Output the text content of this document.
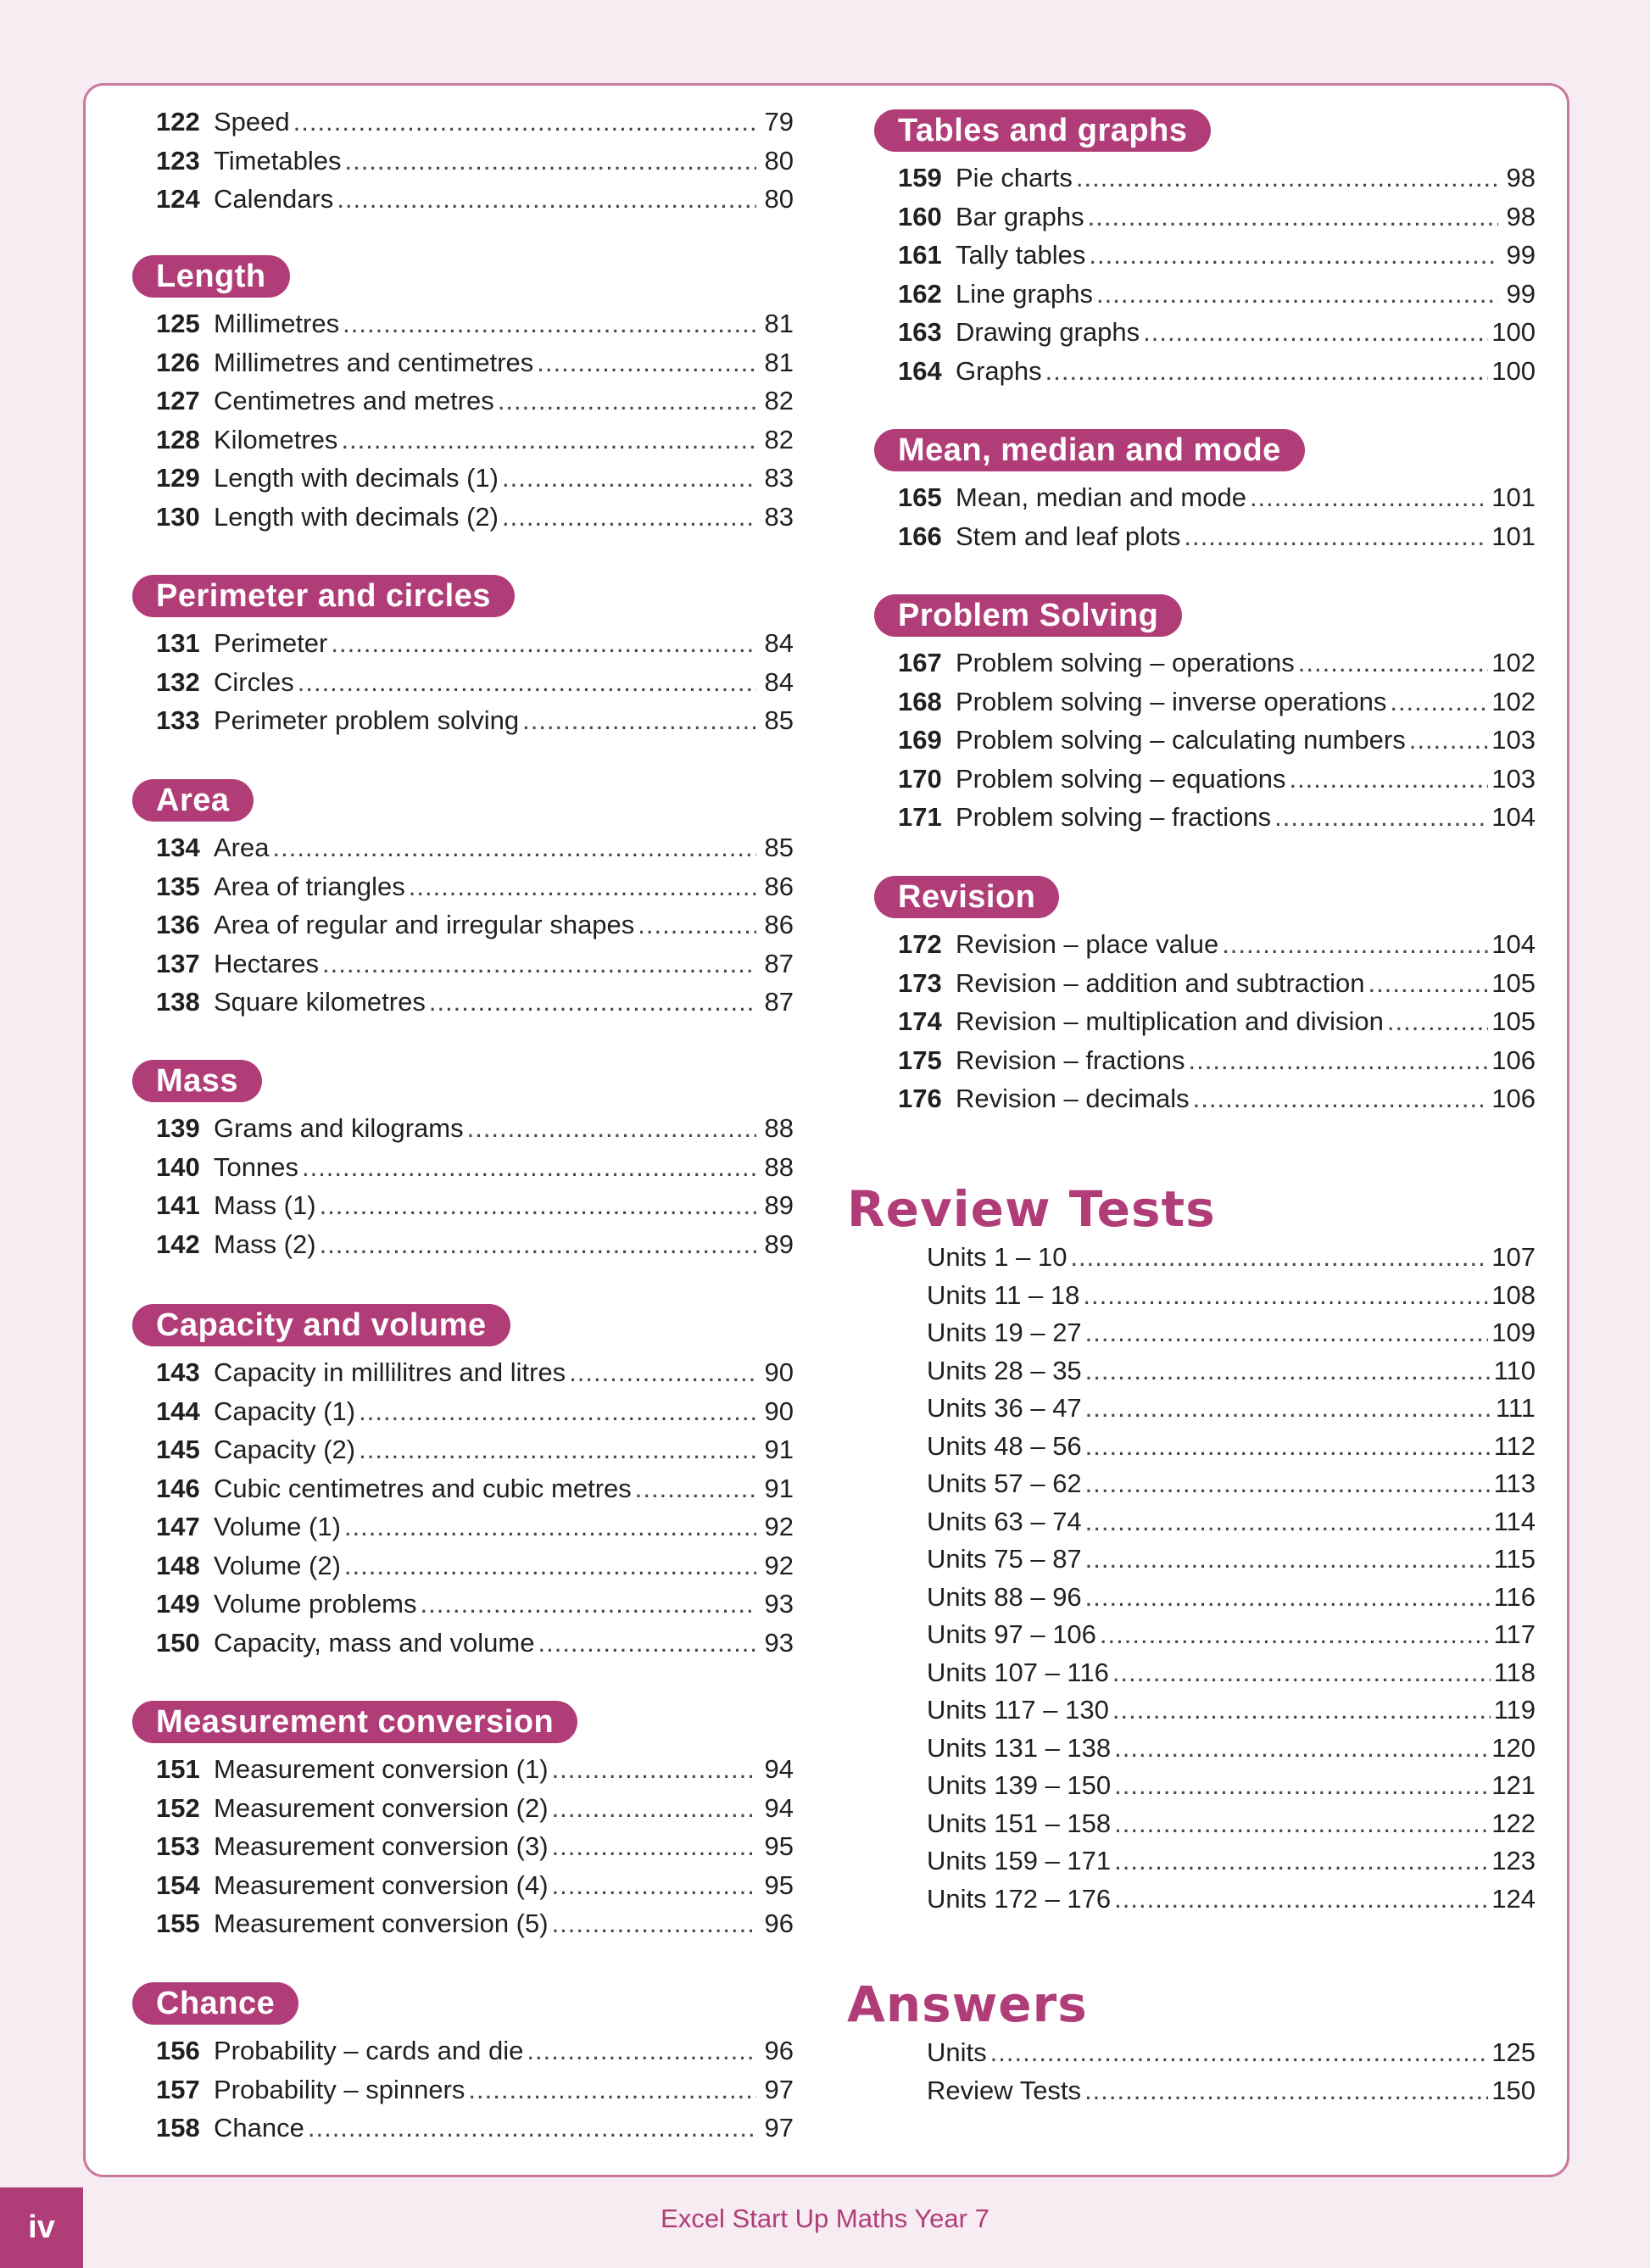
122 Speed .....	79
123 Timetables .....	80
124 Calendars .....	80
Length
125 Millimetres .....	81
126 Millimetres and centimetres .....	81
127 Centimetres and metres .....	82
128 Kilometres .....	82
129 Length with decimals (1) .....	83
130 Length with decimals (2) .....	83
Perimeter and circles
131 Perimeter .....	84
132 Circles .....	84
133 Perimeter problem solving .....	85
Area
134 Area .....	85
135 Area of triangles .....	86
136 Area of regular and irregular shapes .....	86
137 Hectares .....	87
138 Square kilometres .....	87
Mass
139 Grams and kilograms .....	88
140 Tonnes .....	88
141 Mass (1) .....	89
142 Mass (2) .....	89
Capacity and volume
143 Capacity in millilitres and litres .....	90
144 Capacity (1) .....	90
145 Capacity (2) .....	91
146 Cubic centimetres and cubic metres .....	91
147 Volume (1) .....	92
148 Volume (2) .....	92
149 Volume problems .....	93
150 Capacity, mass and volume .....	93
Measurement conversion
151 Measurement conversion (1) .....	94
152 Measurement conversion (2) .....	94
153 Measurement conversion (3) .....	95
154 Measurement conversion (4) .....	95
155 Measurement conversion (5) .....	96
Chance
156 Probability – cards and die .....	96
157 Probability – spinners .....	97
158 Chance .....	97
Tables and graphs
159 Pie charts .....	98
160 Bar graphs .....	98
161 Tally tables .....	99
162 Line graphs .....	99
163 Drawing graphs .....	100
164 Graphs .....	100
Mean, median and mode
165 Mean, median and mode .....	101
166 Stem and leaf plots .....	101
Problem Solving
167 Problem solving – operations .....	102
168 Problem solving – inverse operations .....	102
169 Problem solving – calculating numbers .....	103
170 Problem solving – equations .....	103
171 Problem solving – fractions .....	104
Revision
172 Revision – place value .....	104
173 Revision – addition and subtraction .....	105
174 Revision – multiplication and division .....	105
175 Revision – fractions .....	106
176 Revision – decimals .....	106
Review Tests
Units 1 – 10 .....	107
Units 11 – 18 .....	108
Units 19 – 27 .....	109
Units 28 – 35 .....	110
Units 36 – 47 .....	111
Units 48 – 56 .....	112
Units 57 – 62 .....	113
Units 63 – 74 .....	114
Units 75 – 87 .....	115
Units 88 – 96 .....	116
Units 97 – 106 .....	117
Units 107 – 116 .....	118
Units 117 – 130 .....	119
Units 131 – 138 .....	120
Units 139 – 150 .....	121
Units 151 – 158 .....	122
Units 159 – 171 .....	123
Units 172 – 176 .....	124
Answers
Units .....	125
Review Tests .....	150
iv	Excel Start Up Maths Year 7
